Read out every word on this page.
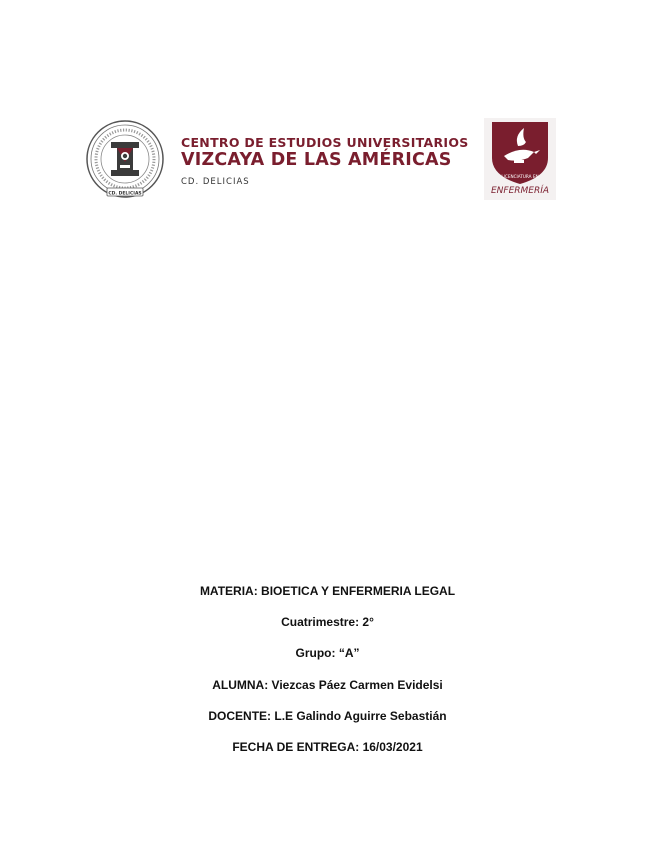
CD. DELICIAS
CENTRO DE ESTUDIOS UNIVERSITARIOS
VIZCAYA DE LAS AMÉRICAS
CD. DELICIAS
LICENCIATURA EN
ENFERMERÍA
MATERIA: BIOETICA Y ENFERMERIA LEGAL
Cuatrimestre: 2°
Grupo: “A”
ALUMNA: Viezcas Páez Carmen Evidelsi
DOCENTE: L.E Galindo Aguirre Sebastián
FECHA DE ENTREGA: 16/03/2021
